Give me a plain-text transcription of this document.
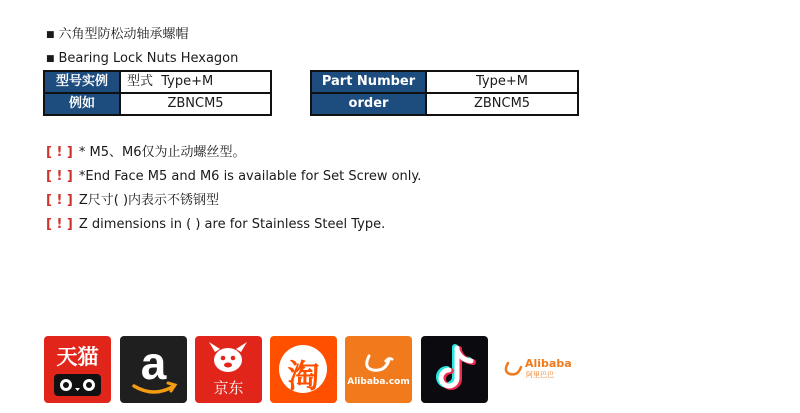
■ 六角型防松动轴承螺帽
■ Bearing Lock Nuts Hexagon
型号实例	型式  Type+M
例如	ZBNCM5
Part Number	Type+M
order	ZBNCM5
[ ! ] * M5、M6仅为止动螺丝型。
[ ! ] *End Face M5 and M6 is available for Set Screw only.
[ ! ] Z尺寸( )内表示不锈钢型
[ ! ] Z dimensions in ( ) are for Stainless Steel Type.
天猫 a	京东	淘	Alibaba.com
Alibaba
阿里巴巴
